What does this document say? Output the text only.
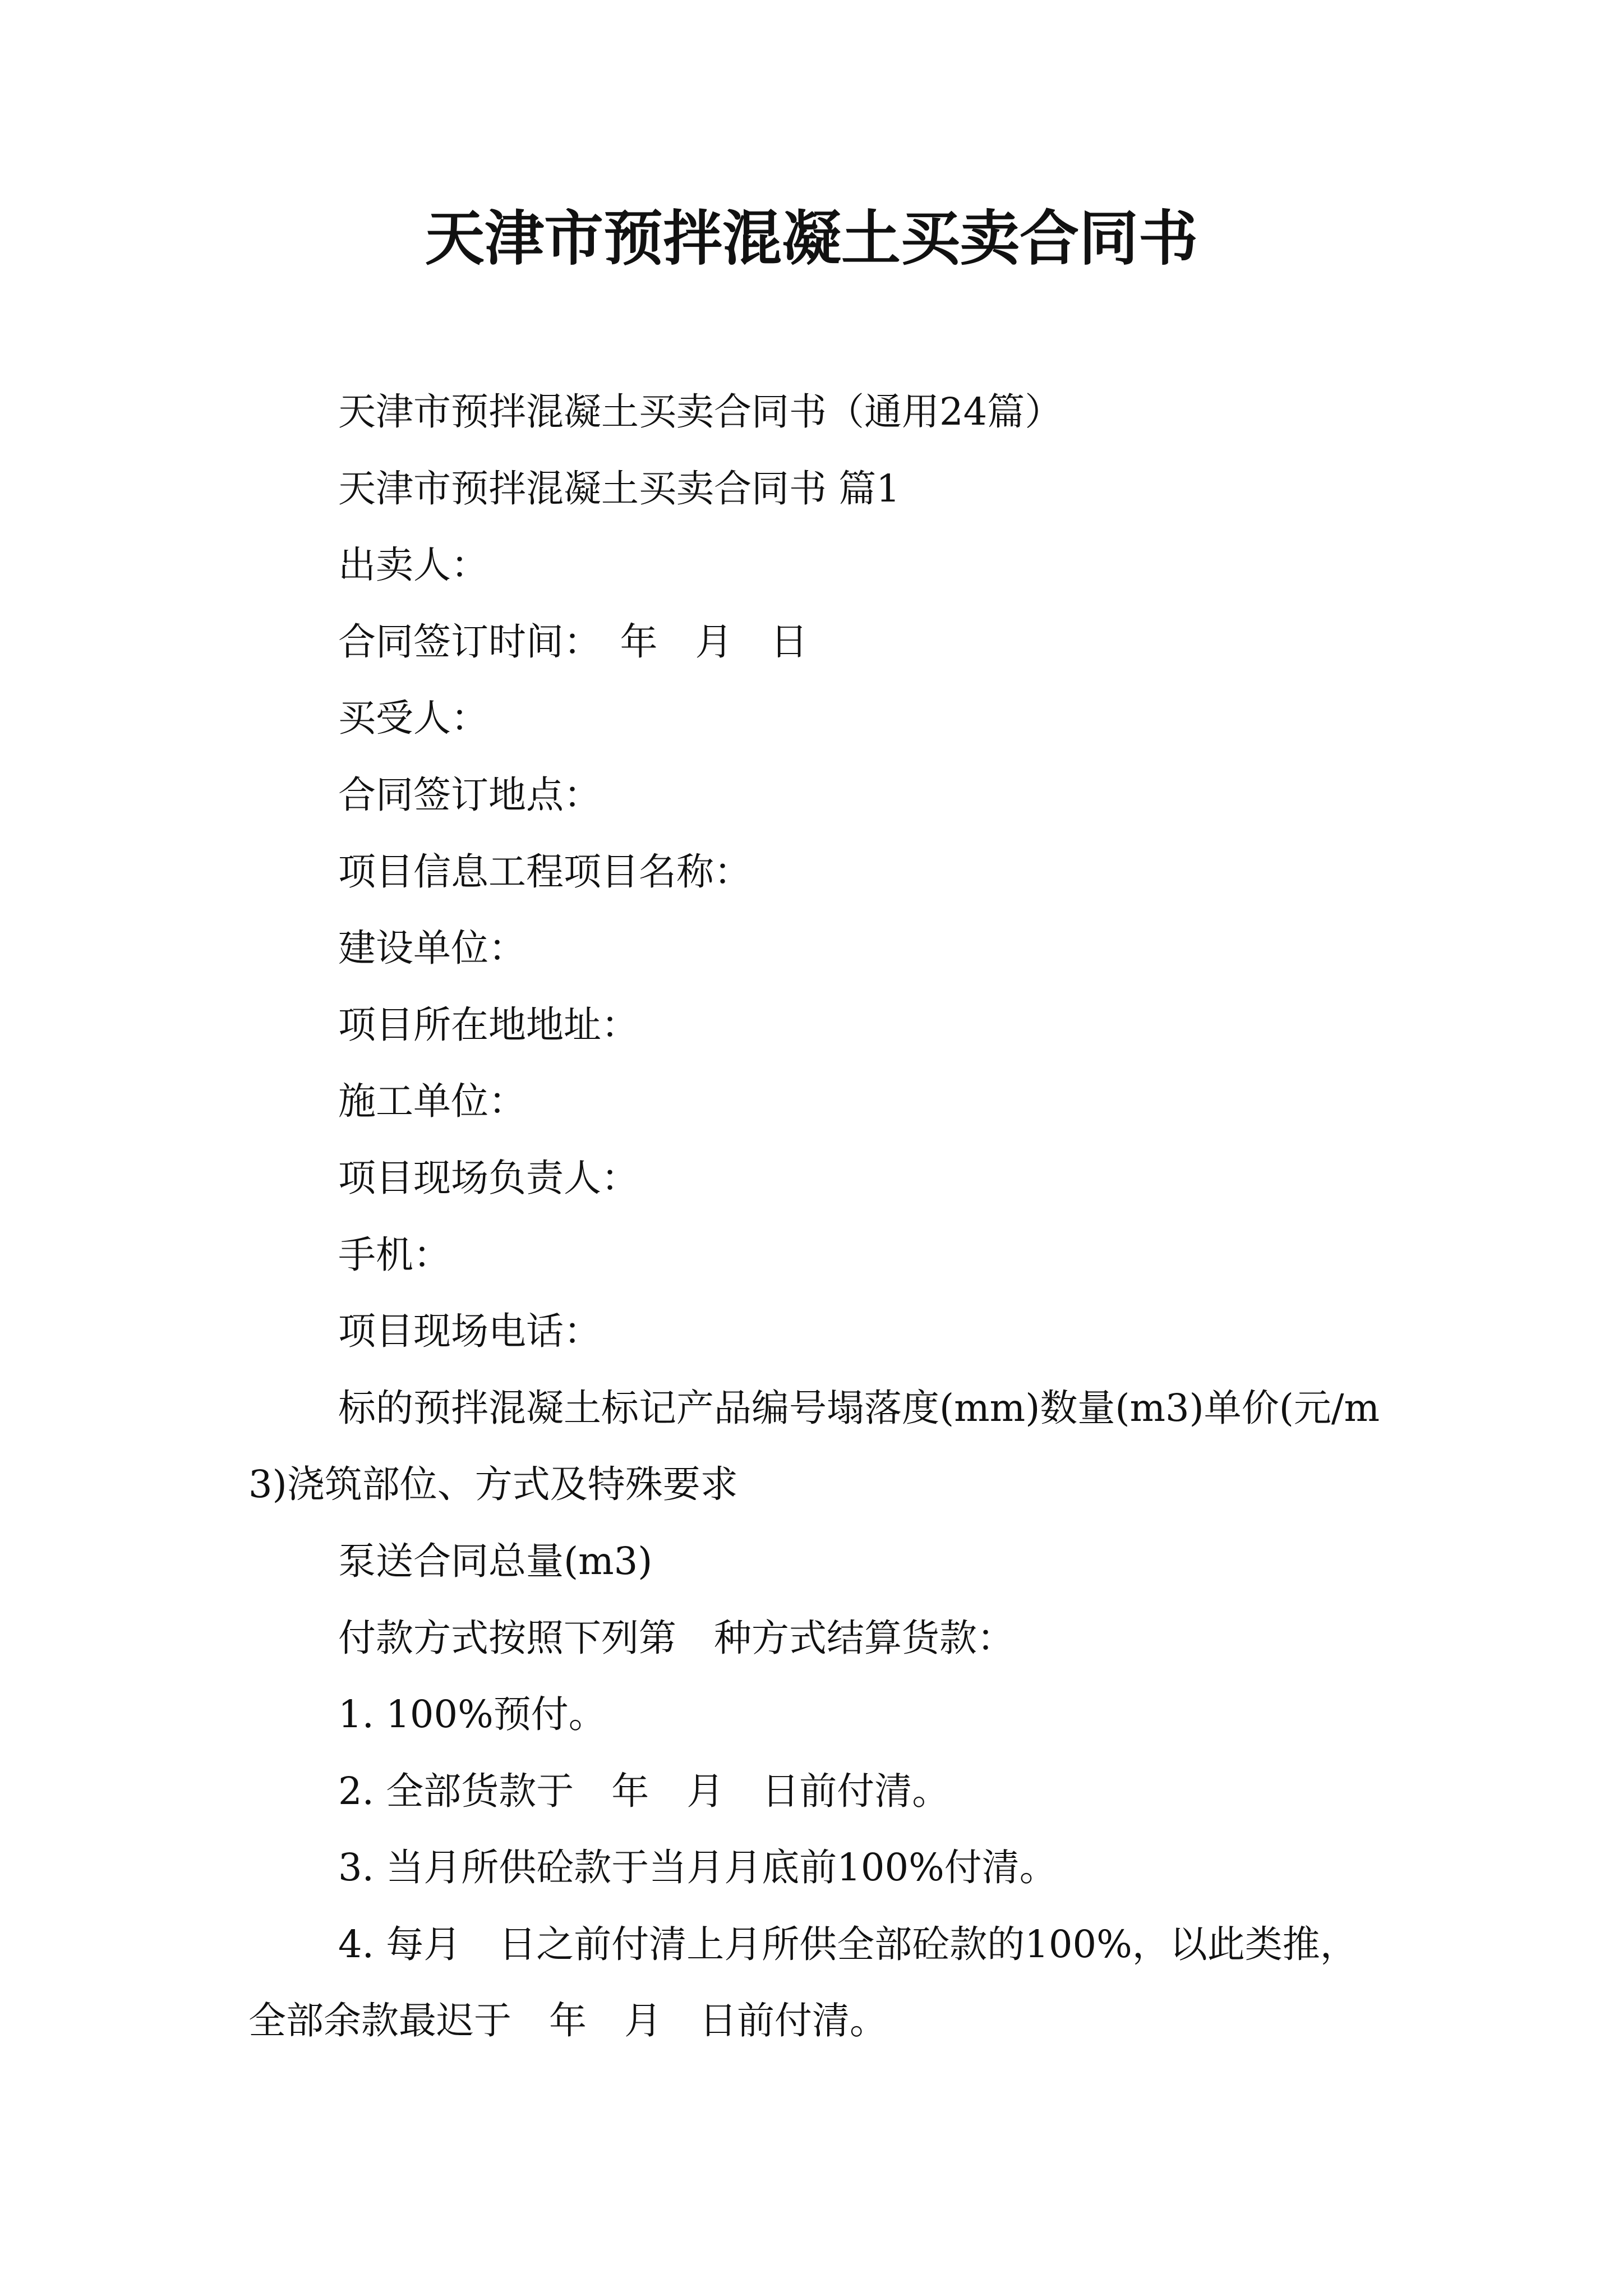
天津市预拌混凝土买卖合同书

天津市预拌混凝土买卖合同书（通用24篇）

天津市预拌混凝土买卖合同书 篇1

出卖人：

合同签订时间：　年　月　日

买受人：

合同签订地点：

项目信息工程项目名称：

建设单位：

项目所在地地址：

施工单位：

项目现场负责人：

手机：

项目现场电话：

标的预拌混凝土标记产品编号塌落度(mm)数量(m3)单价(元/m3)浇筑部位、方式及特殊要求

泵送合同总量(m3)

付款方式按照下列第　种方式结算货款：

1. 100%预付。

2. 全部货款于　年　月　日前付清。

3. 当月所供砼款于当月月底前100%付清。

4. 每月　日之前付清上月所供全部砼款的100%，以此类推，全部余款最迟于　年　月　日前付清。
